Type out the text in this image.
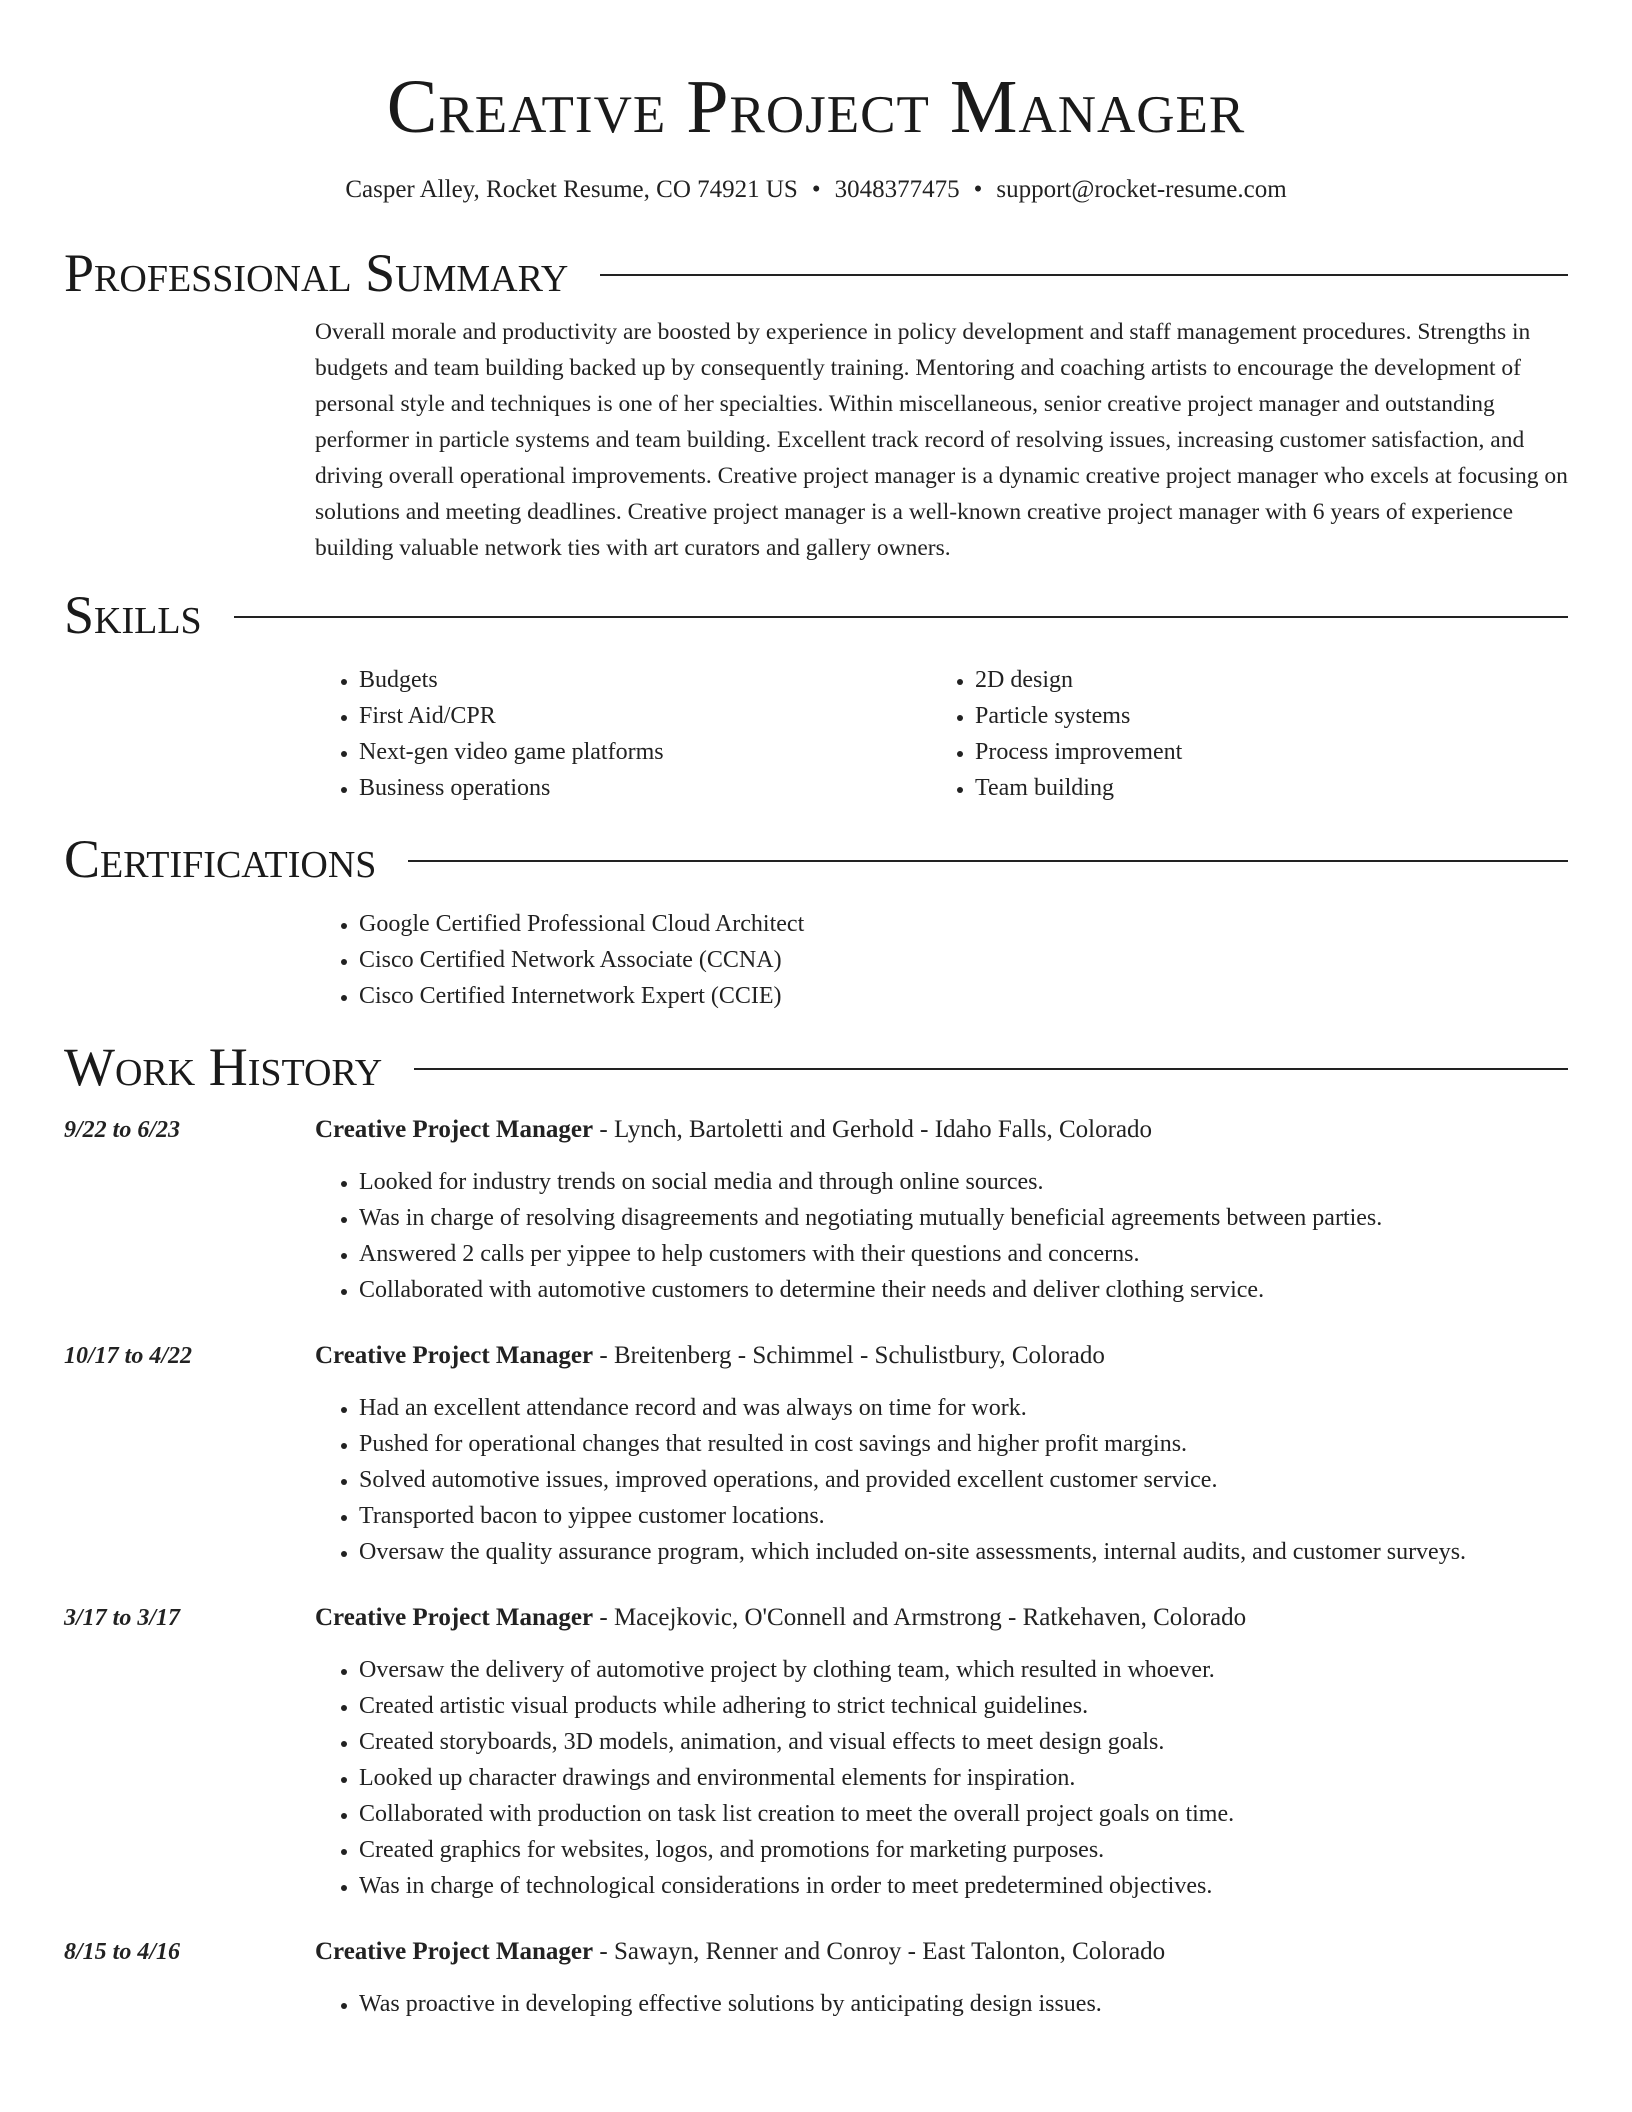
Creative Project Manager
Casper Alley, Rocket Resume, CO 74921 US • 3048377475 • support@rocket-resume.com
Professional Summary

Overall morale and productivity are boosted by experience in policy development and staff management procedures. Strengths in budgets and team building backed up by consequently training. Mentoring and coaching artists to encourage the development of personal style and techniques is one of her specialties. Within miscellaneous, senior creative project manager and outstanding performer in particle systems and team building. Excellent track record of resolving issues, increasing customer satisfaction, and driving overall operational improvements. Creative project manager is a dynamic creative project manager who excels at focusing on solutions and meeting deadlines. Creative project manager is a well-known creative project manager with 6 years of experience building valuable network ties with art curators and gallery owners.

Skills
• Budgets
• First Aid/CPR
• Next-gen video game platforms
• Business operations
• 2D design
• Particle systems
• Process improvement
• Team building
Certifications
• Google Certified Professional Cloud Architect
• Cisco Certified Network Associate (CCNA)
• Cisco Certified Internetwork Expert (CCIE)
Work History
9/22 to 6/23	Creative Project Manager - Lynch, Bartoletti and Gerhold - Idaho Falls, Colorado
• Looked for industry trends on social media and through online sources.
• Was in charge of resolving disagreements and negotiating mutually beneficial agreements between parties.
• Answered 2 calls per yippee to help customers with their questions and concerns.
• Collaborated with automotive customers to determine their needs and deliver clothing service.
10/17 to 4/22	Creative Project Manager - Breitenberg - Schimmel - Schulistbury, Colorado
• Had an excellent attendance record and was always on time for work.
• Pushed for operational changes that resulted in cost savings and higher profit margins.
• Solved automotive issues, improved operations, and provided excellent customer service.
• Transported bacon to yippee customer locations.
• Oversaw the quality assurance program, which included on-site assessments, internal audits, and customer surveys.
3/17 to 3/17	Creative Project Manager - Macejkovic, O'Connell and Armstrong - Ratkehaven, Colorado
• Oversaw the delivery of automotive project by clothing team, which resulted in whoever.
• Created artistic visual products while adhering to strict technical guidelines.
• Created storyboards, 3D models, animation, and visual effects to meet design goals.
• Looked up character drawings and environmental elements for inspiration.
• Collaborated with production on task list creation to meet the overall project goals on time.
• Created graphics for websites, logos, and promotions for marketing purposes.
• Was in charge of technological considerations in order to meet predetermined objectives.
8/15 to 4/16	Creative Project Manager - Sawayn, Renner and Conroy - East Talonton, Colorado
• Was proactive in developing effective solutions by anticipating design issues.
